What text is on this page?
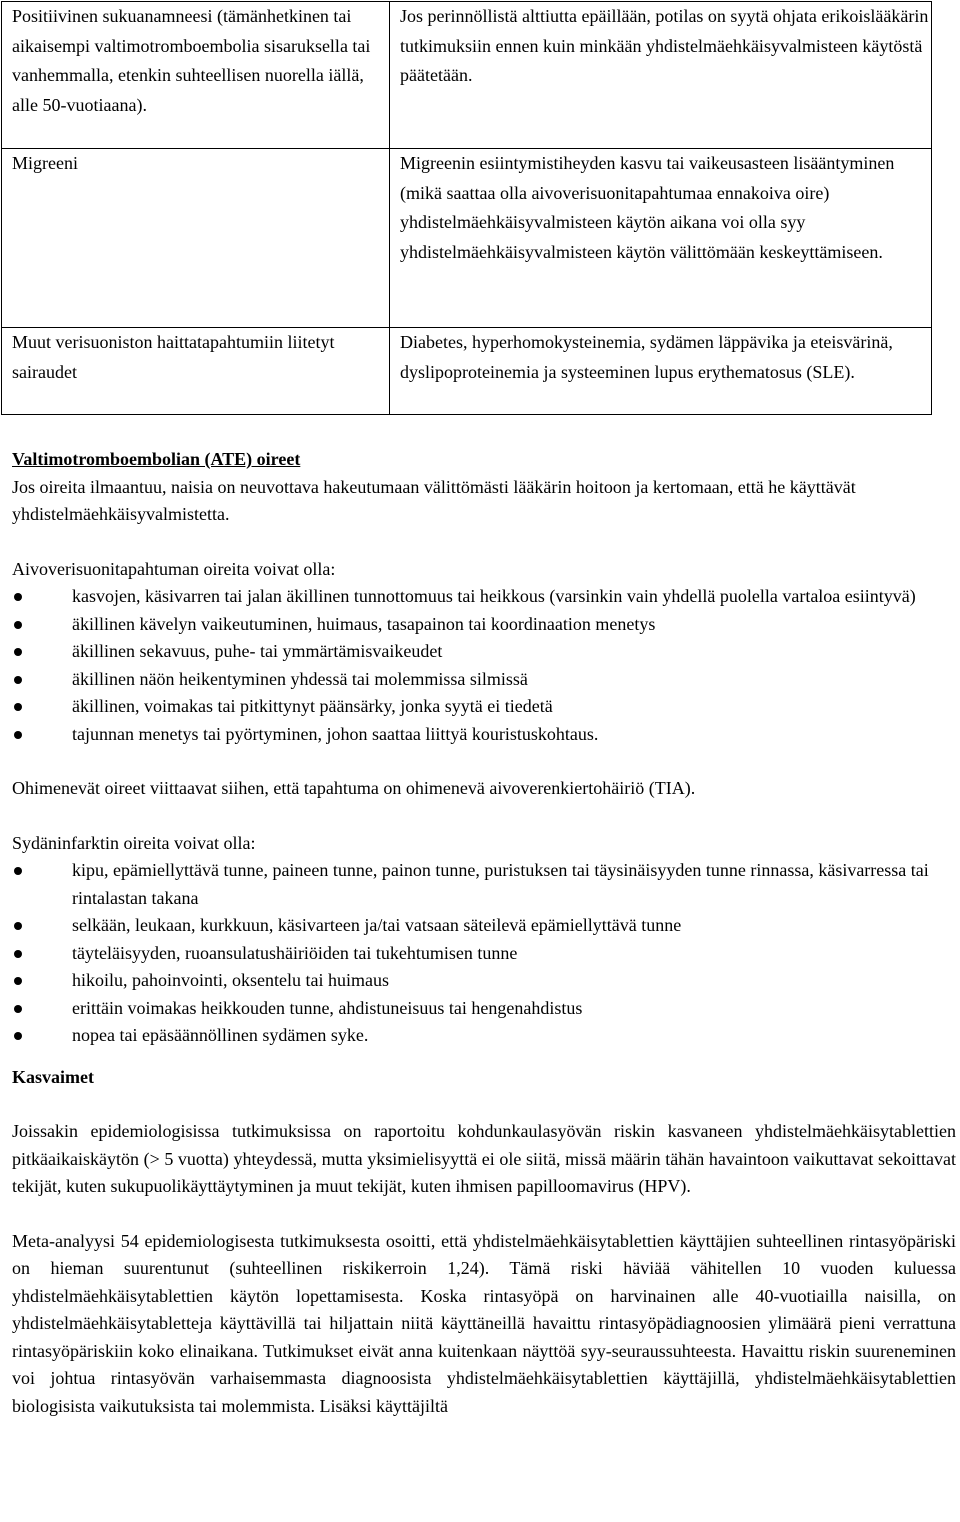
Positiivinen sukuanamneesi (tämänhetkinen tai aikaisempi valtimotromboembolia sisaruksella tai vanhemmalla, etenkin suhteellisen nuorella iällä, alle 50-vuotiaana).	Jos perinnöllistä alttiutta epäillään, potilas on syytä ohjata erikoislääkärin tutkimuksiin ennen kuin minkään yhdistelmäehkäisyvalmisteen käytöstä päätetään.

Migreeni	Migreenin esiintymistiheyden kasvu tai vaikeusasteen lisääntyminen (mikä saattaa olla aivoverisuonitapahtumaa ennakoiva oire) yhdistelmäehkäisyvalmisteen käytön aikana voi olla syy yhdistelmäehkäisyvalmisteen käytön välittömään keskeyttämiseen.

Muut verisuoniston haittatapahtumiin liitetyt sairaudet	Diabetes, hyperhomokysteinemia, sydämen läppävika ja eteisvärinä, dyslipoproteinemia ja systeeminen lupus erythematosus (SLE).

Valtimotromboembolian (ATE) oireet

Jos oireita ilmaantuu, naisia on neuvottava hakeutumaan välittömästi lääkärin hoitoon ja kertomaan, että he käyttävät yhdistelmäehkäisyvalmistetta.

Aivoverisuonitapahtuman oireita voivat olla:

kasvojen, käsivarren tai jalan äkillinen tunnottomuus tai heikkous (varsinkin vain yhdellä puolella vartaloa esiintyvä)
äkillinen kävelyn vaikeutuminen, huimaus, tasapainon tai koordinaation menetys
äkillinen sekavuus, puhe- tai ymmärtämisvaikeudet
äkillinen näön heikentyminen yhdessä tai molemmissa silmissä
äkillinen, voimakas tai pitkittynyt päänsärky, jonka syytä ei tiedetä
tajunnan menetys tai pyörtyminen, johon saattaa liittyä kouristuskohtaus.

Ohimenevät oireet viittaavat siihen, että tapahtuma on ohimenevä aivoverenkiertohäiriö (TIA).

Sydäninfarktin oireita voivat olla:

kipu, epämiellyttävä tunne, paineen tunne, painon tunne, puristuksen tai täysinäisyyden tunne rinnassa, käsivarressa tai rintalastan takana
selkään, leukaan, kurkkuun, käsivarteen ja/tai vatsaan säteilevä epämiellyttävä tunne
täyteläisyyden, ruoansulatushäiriöiden tai tukehtumisen tunne
hikoilu, pahoinvointi, oksentelu tai huimaus
erittäin voimakas heikkouden tunne, ahdistuneisuus tai hengenahdistus
nopea tai epäsäännöllinen sydämen syke.

Kasvaimet

Joissakin epidemiologisissa tutkimuksissa on raportoitu kohdunkaulasyövän riskin kasvaneen yhdistelmäehkäisytablettien pitkäaikaiskäytön (> 5 vuotta) yhteydessä, mutta yksimielisyyttä ei ole siitä, missä määrin tähän havaintoon vaikuttavat sekoittavat tekijät, kuten sukupuolikäyttäytyminen ja muut tekijät, kuten ihmisen papilloomavirus (HPV).

Meta-analyysi 54 epidemiologisesta tutkimuksesta osoitti, että yhdistelmäehkäisytablettien käyttäjien suhteellinen rintasyöpäriski on hieman suurentunut (suhteellinen riskikerroin 1,24). Tämä riski häviää vähitellen 10 vuoden kuluessa yhdistelmäehkäisytablettien käytön lopettamisesta. Koska rintasyöpä on harvinainen alle 40-vuotiailla naisilla, on yhdistelmäehkäisytabletteja käyttävillä tai hiljattain niitä käyttäneillä havaittu rintasyöpädiagnoosien ylimäärä pieni verrattuna rintasyöpäriskiin koko elinaikana. Tutkimukset eivät anna kuitenkaan näyttöä syy-seuraussuhteesta. Havaittu riskin suureneminen voi johtua rintasyövän varhaisemmasta diagnoosista yhdistelmäehkäisytablettien käyttäjillä, yhdistelmäehkäisytablettien biologisista vaikutuksista tai molemmista. Lisäksi käyttäjiltä
